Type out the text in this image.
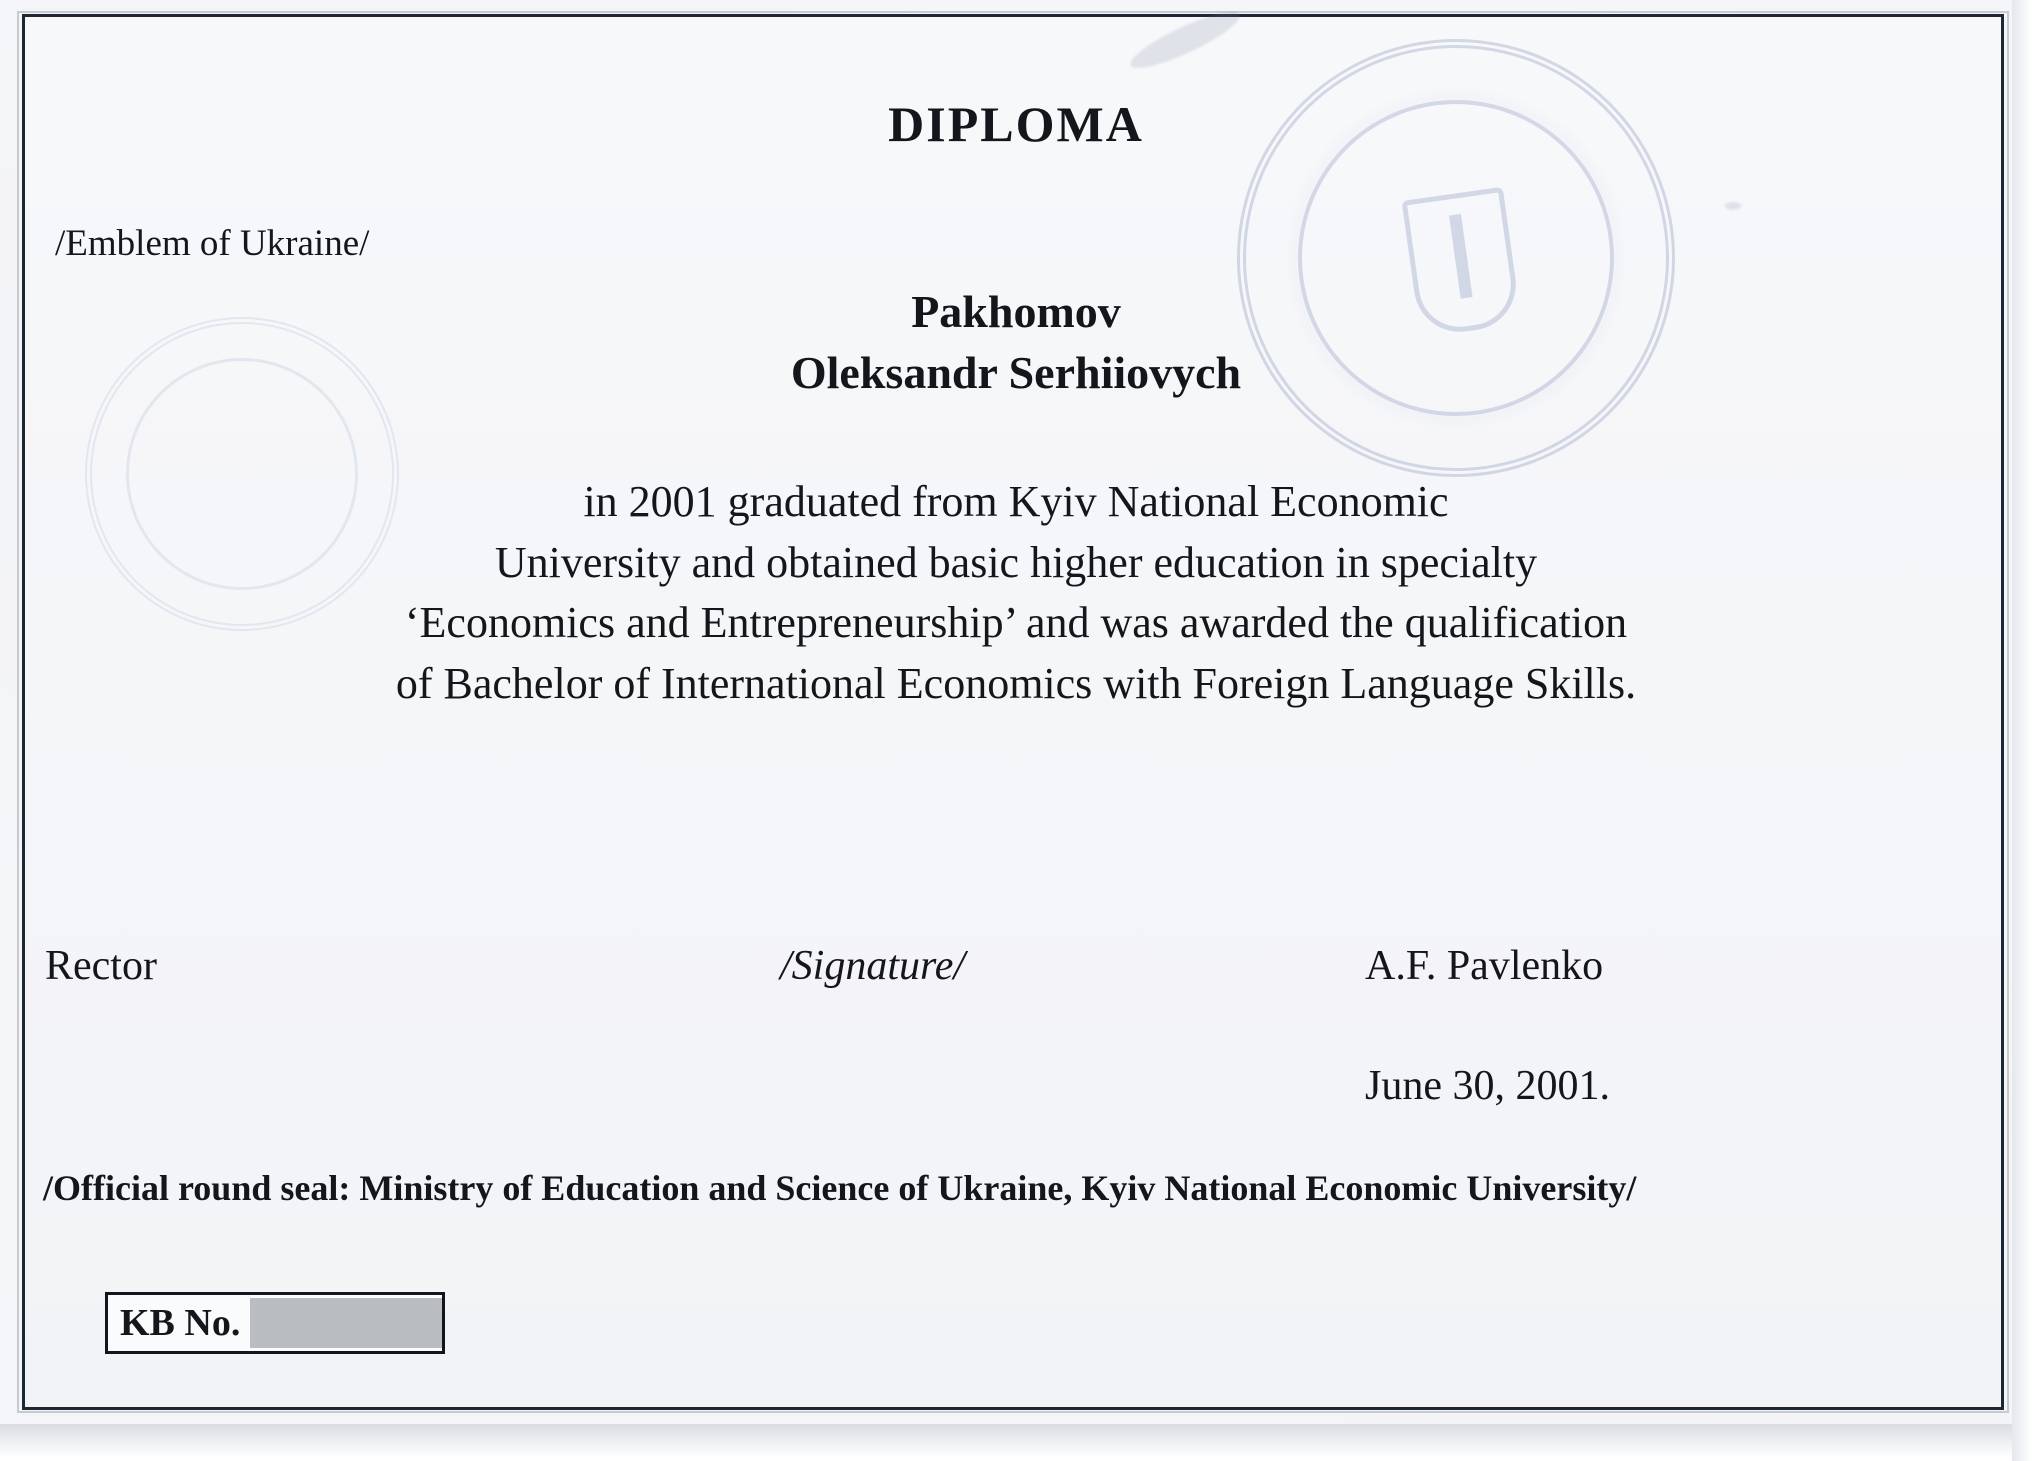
DIPLOMA
/Emblem of Ukraine/
Pakhomov
Oleksandr Serhiiovych
in 2001 graduated from Kyiv National Economic
University and obtained basic higher education in specialty
‘Economics and Entrepreneurship’ and was awarded the qualification
of Bachelor of International Economics with Foreign Language Skills.
Rector	/Signature/	A.F. Pavlenko
June 30, 2001.
/Official round seal: Ministry of Education and Science of Ukraine, Kyiv National Economic University/
KB No.
